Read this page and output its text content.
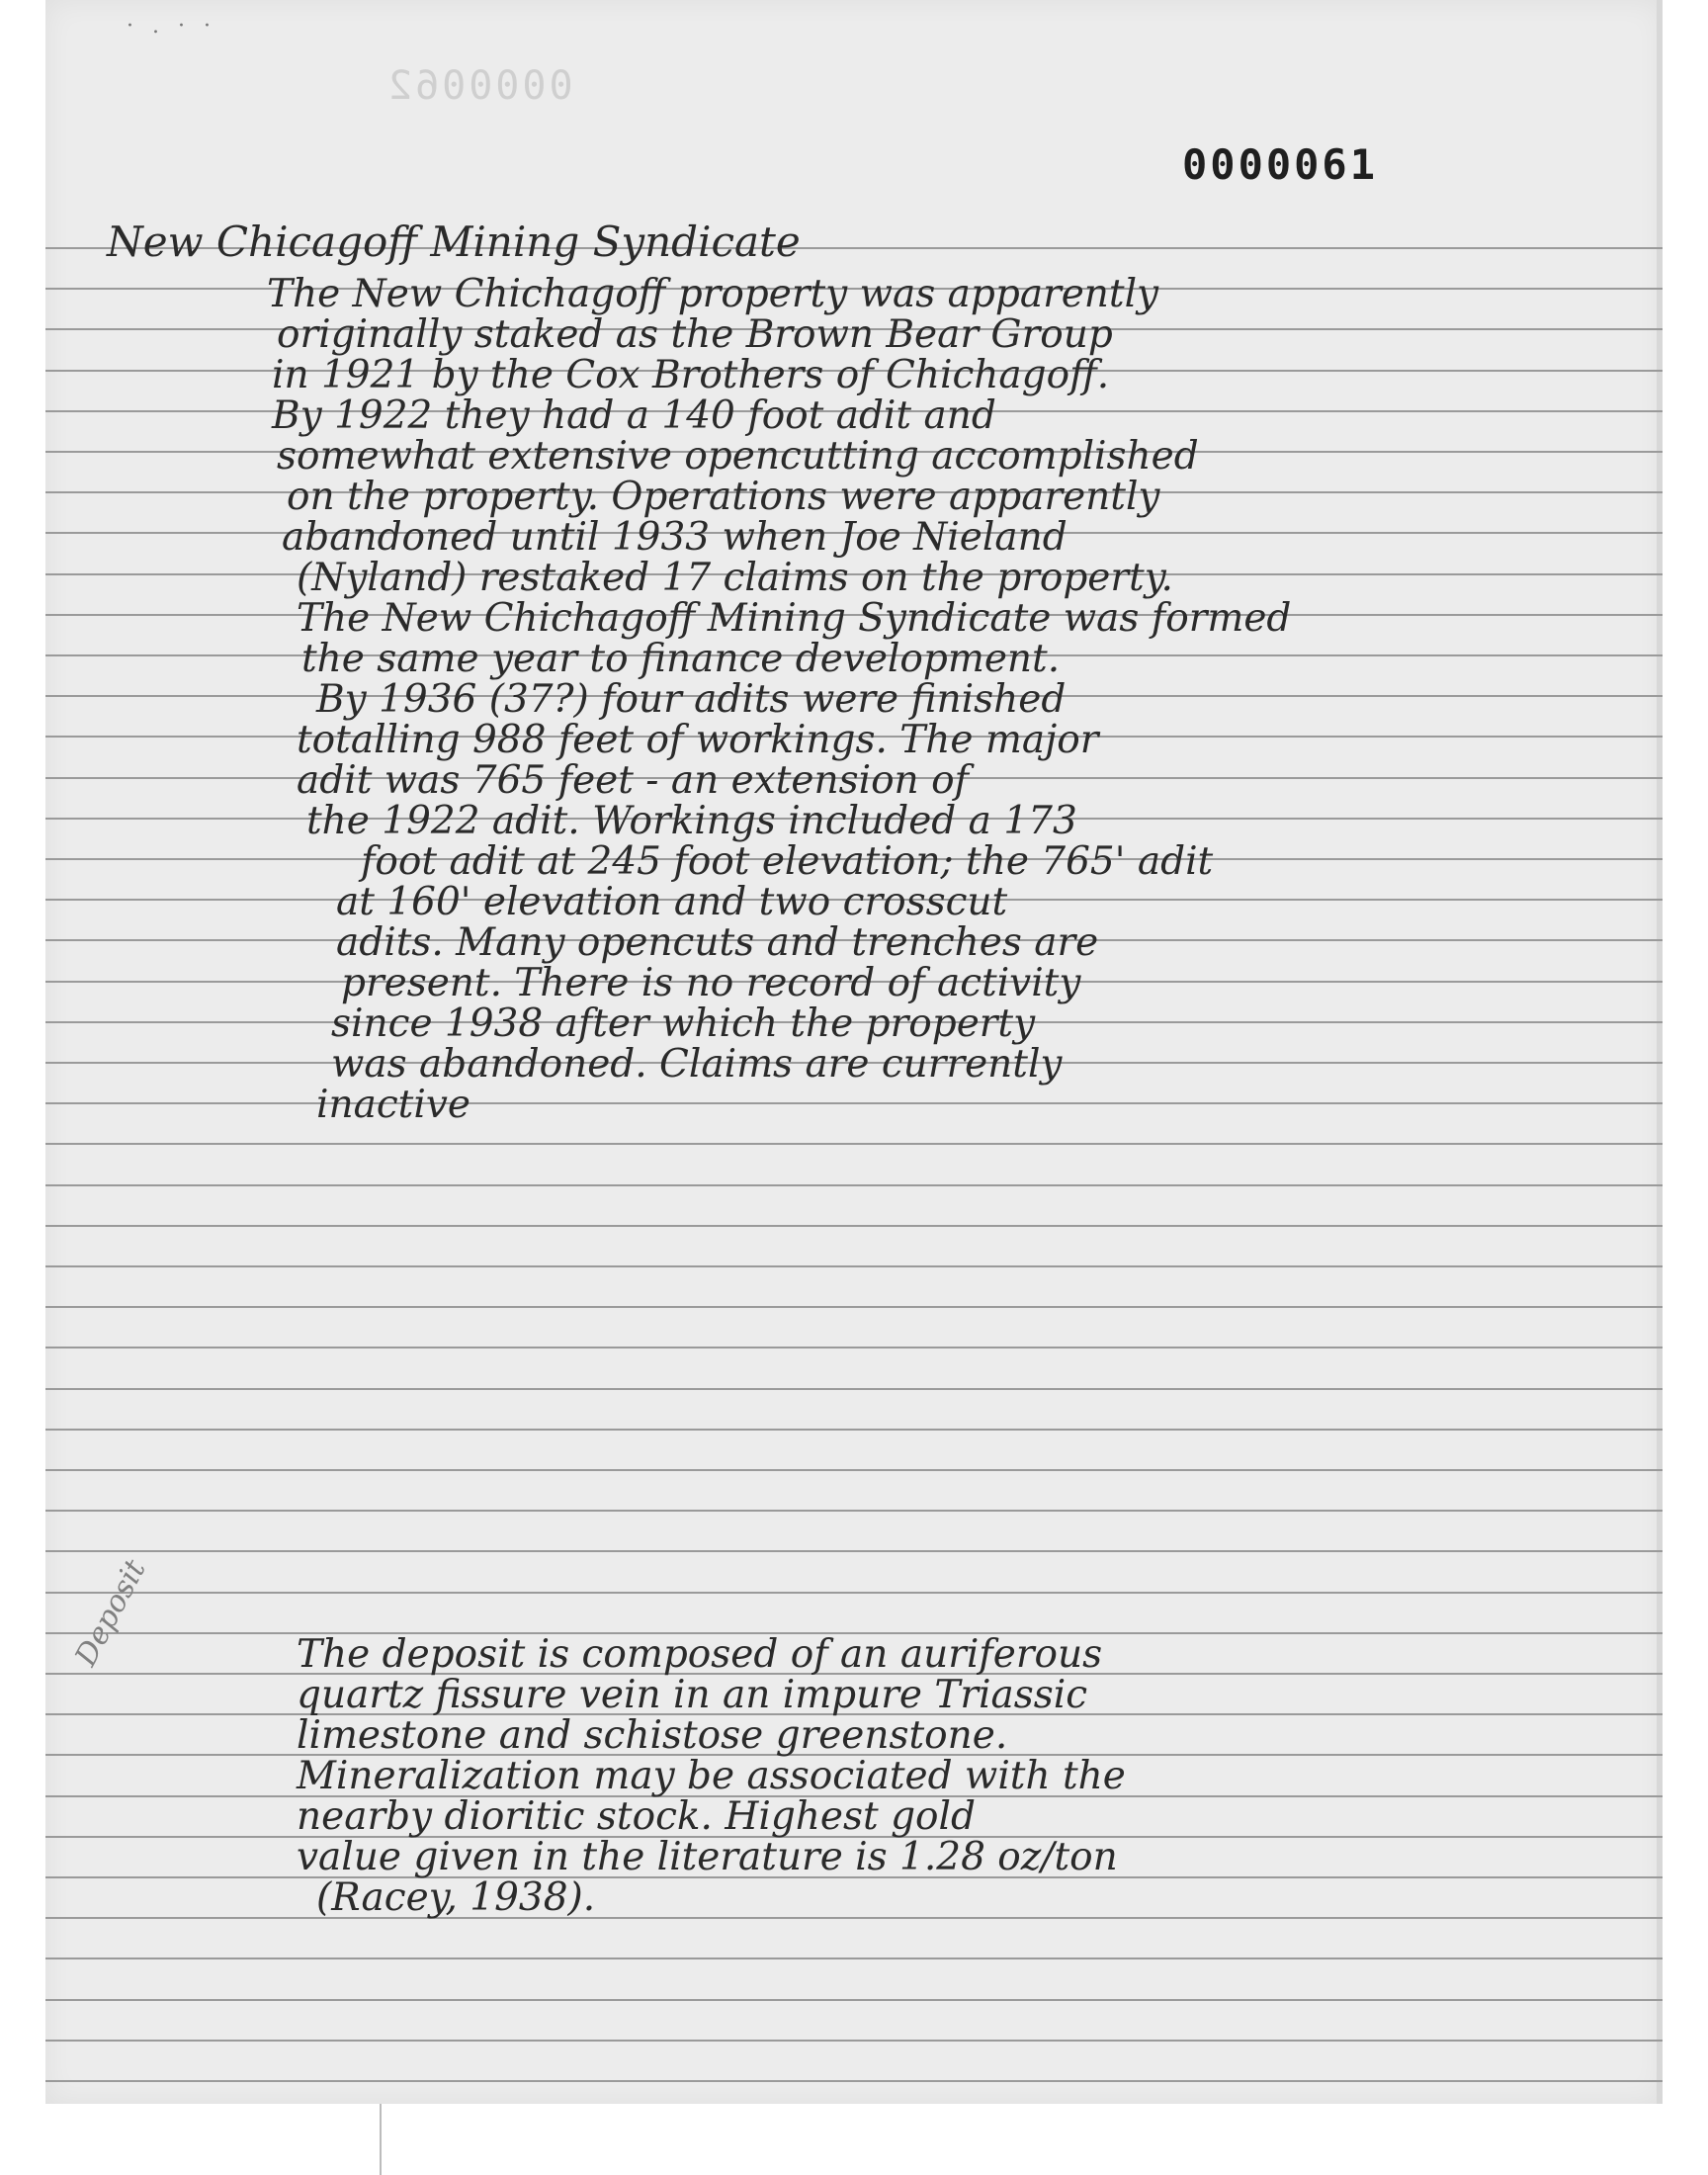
· . · ·
0000062
0000061
New Chicagoff Mining Syndicate
The New Chichagoff property was apparently
originally staked as the Brown Bear Group
in 1921 by the Cox Brothers of Chichagoff.
By 1922 they had a 140 foot adit and
somewhat extensive opencutting accomplished
on the property. Operations were apparently
abandoned until 1933 when Joe Nieland
(Nyland) restaked 17 claims on the property.
The New Chichagoff Mining Syndicate was formed
the same year to finance development.
By 1936 (37?) four adits were finished
totalling 988 feet of workings. The major
adit was 765 feet - an extension of
the 1922 adit. Workings included a 173
foot adit at 245 foot elevation; the 765' adit
at 160' elevation and two crosscut
adits. Many opencuts and trenches are
present. There is no record of activity
since 1938 after which the property
was abandoned. Claims are currently
inactive
Deposit	The deposit is composed of an auriferous
quartz fissure vein in an impure Triassic
limestone and schistose greenstone.
Mineralization may be associated with the
nearby dioritic stock. Highest gold
value given in the literature is 1.28 oz/ton
(Racey, 1938).
